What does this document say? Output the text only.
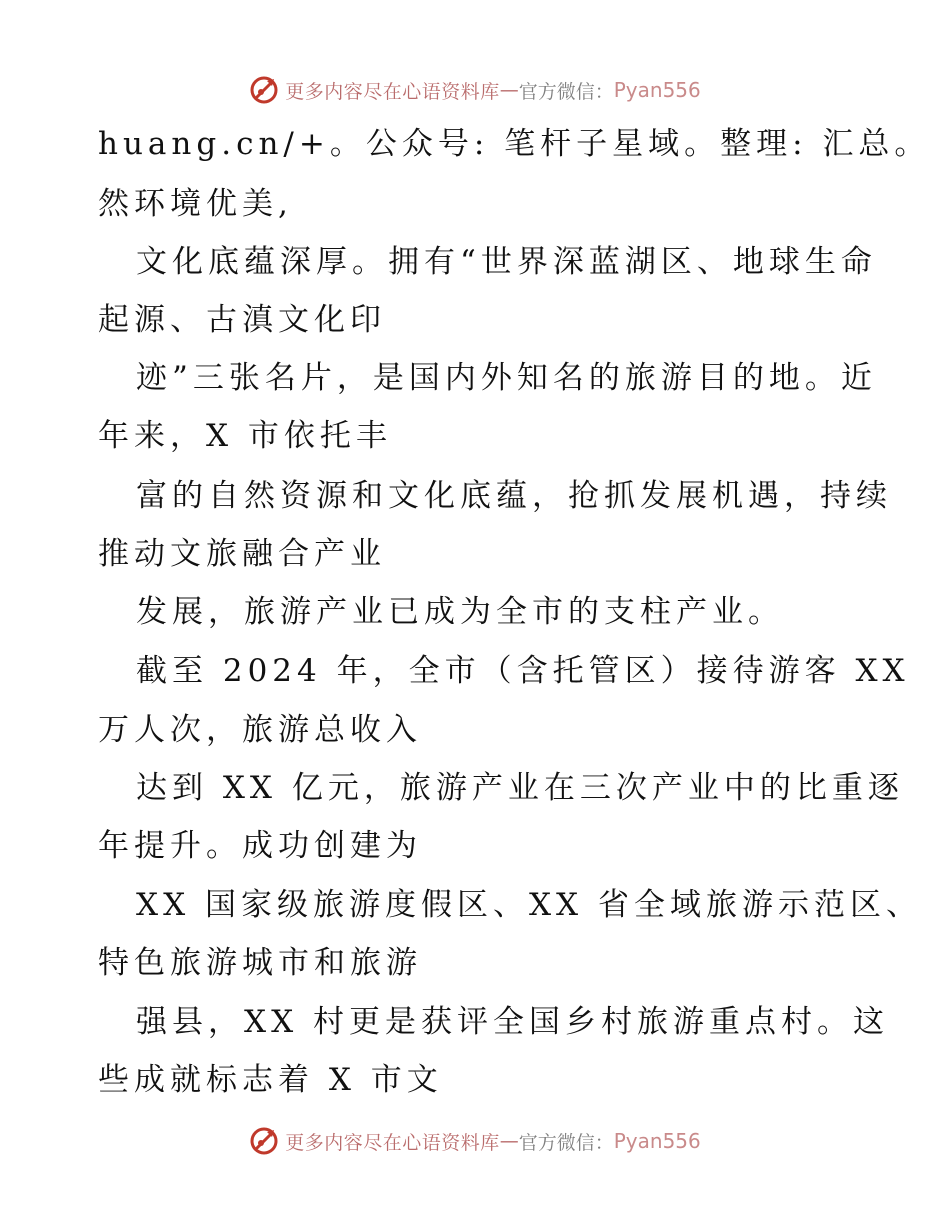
更多内容尽在心语资料库 — 官方微信： Pyan556
huang.cn/+。公众号: 笔杆子星域。整理: 汇总。
然环境优美,
文化底蕴深厚。拥有“世界深蓝湖区、地球生命
起源、古滇文化印
迹”三张名片，是国内外知名的旅游目的地。近
年来，X 市依托丰
富的自然资源和文化底蕴，抢抓发展机遇，持续
推动文旅融合产业
发展，旅游产业已成为全市的支柱产业。
截至 2024 年，全市（含托管区）接待游客 XX
万人次，旅游总收入
达到 XX 亿元，旅游产业在三次产业中的比重逐
年提升。成功创建为
XX 国家级旅游度假区、XX 省全域旅游示范区、
特色旅游城市和旅游
强县，XX 村更是获评全国乡村旅游重点村。这
些成就标志着 X 市文
更多内容尽在心语资料库 — 官方微信： Pyan556
